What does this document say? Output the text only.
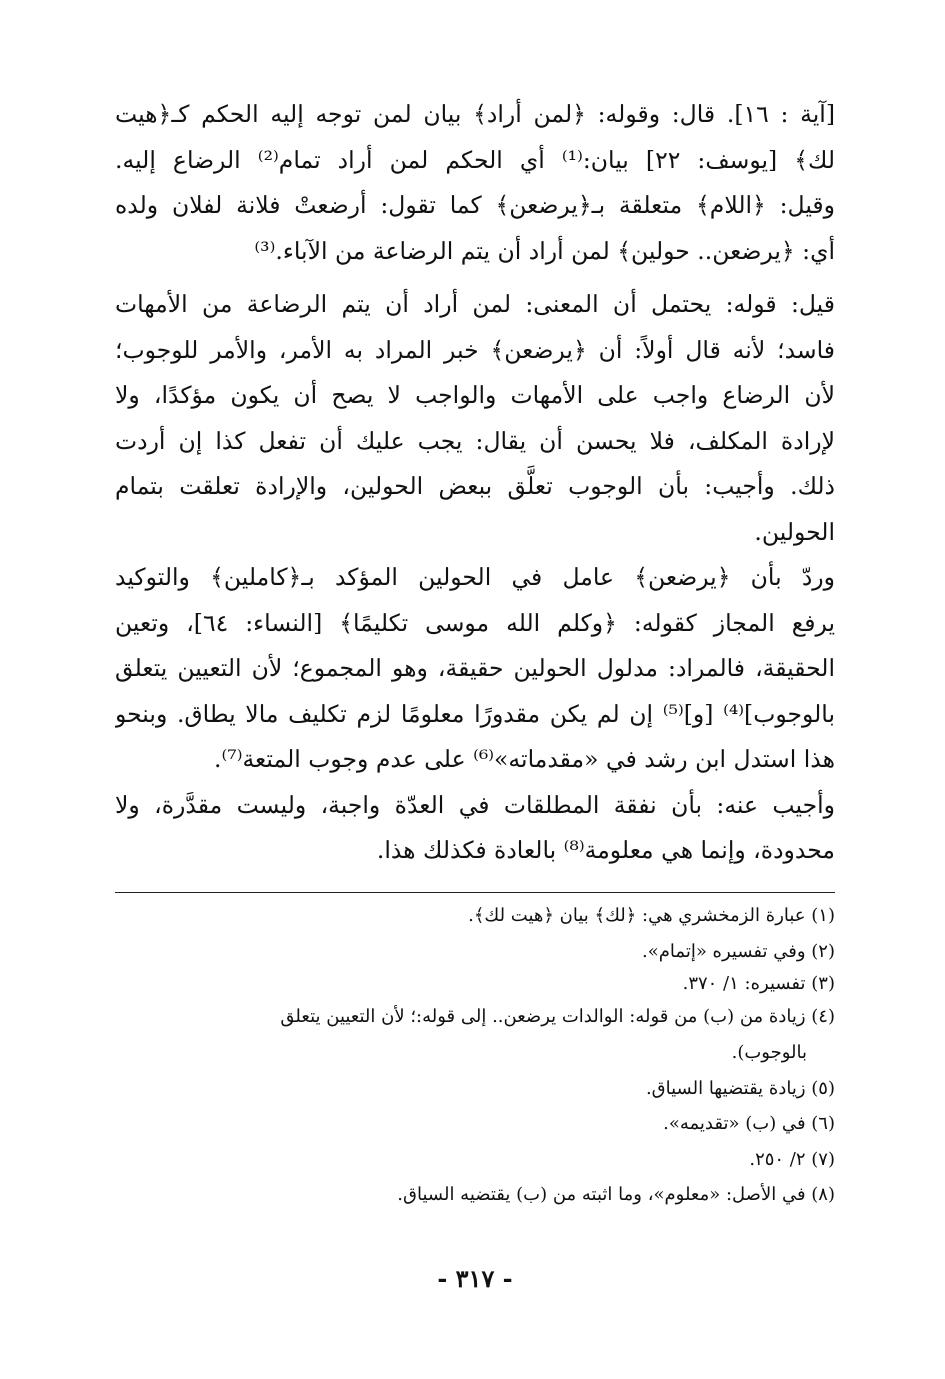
[آية : ١٦]. قال: وقوله: ﴿لمن أراد﴾ بيان لمن توجه إليه الحكم كـ﴿هيت
لك﴾ [يوسف: ٢٢] بيان:⁽¹⁾ أي الحكم لمن أراد تمام⁽²⁾ الرضاع إليه.
وقيل: ﴿اللام﴾ متعلقة بـ﴿يرضعن﴾ كما تقول: أرضعتْ فلانة لفلان ولده
أي: ﴿يرضعن.. حولين﴾ لمن أراد أن يتم الرضاعة من الآباء.⁽³⁾
قيل: قوله: يحتمل أن المعنى: لمن أراد أن يتم الرضاعة من الأمهات
فاسد؛ لأنه قال أولاً: أن ﴿يرضعن﴾ خبر المراد به الأمر، والأمر للوجوب؛
لأن الرضاع واجب على الأمهات والواجب لا يصح أن يكون مؤكدًا، ولا
لإرادة المكلف، فلا يحسن أن يقال: يجب عليك أن تفعل كذا إن أردت
ذلك. وأجيب: بأن الوجوب تعلَّق ببعض الحولين، والإرادة تعلقت بتمام
الحولين.
وردّ بأن ﴿يرضعن﴾ عامل في الحولين المؤكد بـ﴿كاملين﴾ والتوكيد
يرفع المجاز كقوله: ﴿وكلم الله موسى تكليمًا﴾ [النساء: ٦٤]، وتعين
الحقيقة، فالمراد: مدلول الحولين حقيقة، وهو المجموع؛ لأن التعيين يتعلق
بالوجوب]⁽⁴⁾ [و]⁽⁵⁾ إن لم يكن مقدورًا معلومًا لزم تكليف مالا يطاق. وبنحو
هذا استدل ابن رشد في «مقدماته»⁽⁶⁾ على عدم وجوب المتعة⁽⁷⁾.
وأجيب عنه: بأن نفقة المطلقات في العدّة واجبة، وليست مقدَّرة، ولا
محدودة، وإنما هي معلومة⁽⁸⁾ بالعادة فكذلك هذا.
(١) عبارة الزمخشري هي: ﴿لك﴾ بيان ﴿هيت لك﴾.
(٢) وفي تفسيره «إتمام».
(٣) تفسيره: ١/ ٣٧٠.
(٤) زيادة من (ب) من قوله: الوالدات يرضعن.. إلى قوله:؛ لأن التعيين يتعلق
بالوجوب).
(٥) زيادة يقتضيها السياق.
(٦) في (ب) «تقديمه».
(٧) ٢/ ٢٥٠.
(٨) في الأصل: «معلوم»، وما اثبته من (ب) يقتضيه السياق.
- ٣١٧ -
